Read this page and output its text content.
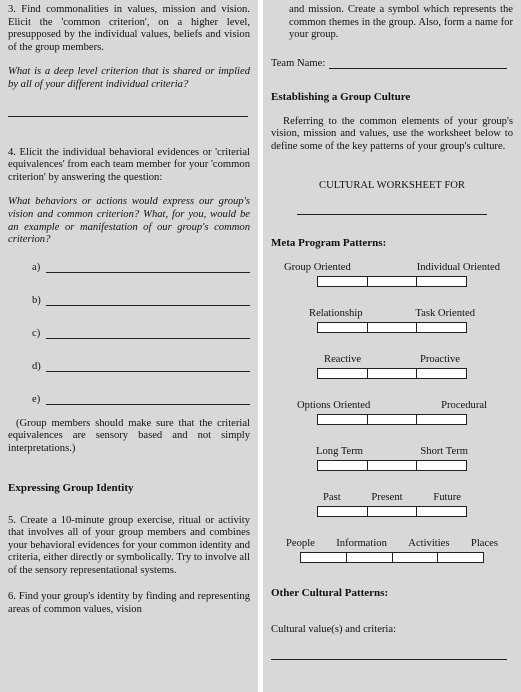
3. Find commonalities in values, mission and vision. Elicit the 'common criterion', on a higher level, presupposed by the individual values, beliefs and vision of the group members.

What is a deep level criterion that is shared or implied by all of your different individual criteria?

4. Elicit the individual behavioral evidences or 'criterial equivalences' from each team member for your 'common criterion' by answering the question:

What behaviors or actions would express our group's vision and common criterion? What, for you, would be an example or manifestation of our group's common criterion?

a)
b)
c)
d)
e)

(Group members should make sure that the criterial equivalences are sensory based and not simply interpretations.)

Expressing Group Identity

5. Create a 10-minute group exercise, ritual or activity that involves all of your group members and combines your behavioral evidences for your common identity and criteria, either directly or symbolically. Try to involve all of the sensory representational systems.

6. Find your group's identity by finding and representing areas of common values, vision

and mission. Create a symbol which represents the common themes in the group. Also, form a name for your group.

Team Name:

Establishing a Group Culture

Referring to the common elements of your group's vision, mission and values, use the worksheet below to define some of the key patterns of your group's culture.

CULTURAL WORKSHEET FOR

Meta Program Patterns:

Group Oriented	Individual Oriented
Relationship	Task Oriented
Reactive	Proactive
Options Oriented	Procedural
Long Term	Short Term
Past	Present	Future
People Information Activities Places

Other Cultural Patterns:

Cultural value(s) and criteria:
